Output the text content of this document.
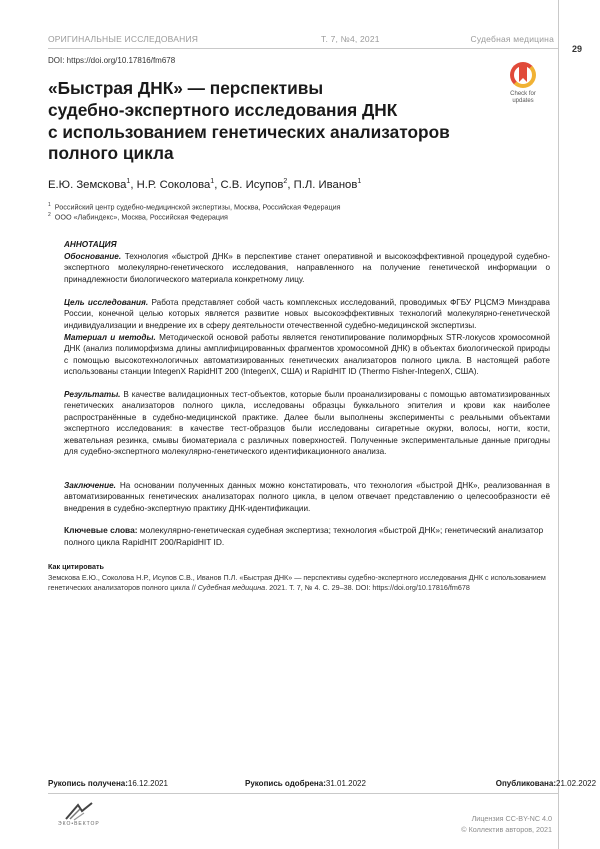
ОРИГИНАЛЬНЫЕ ИССЛЕДОВАНИЯ	Т. 7, №4, 2021	Судебная медицина
29
DOI: https://doi.org/10.17816/fm678
«Быстрая ДНК» — перспективы
судебно-экспертного исследования ДНК
с использованием генетических анализаторов
полного цикла
Check for
updates
Е.Ю. Земскова$^1$, Н.Р. Соколова$^1$, С.В. Исупов$^2$, П.Л. Иванов$^1$
$^1$ Российский центр судебно-медицинской экспертизы, Москва, Российская Федерация
$^2$ ООО «Лабиндекс», Москва, Российская Федерация
АННОТАЦИЯ
Обоснование. Технология «быстрой ДНК» в перспективе станет оперативной и высокоэффективной процедурой судебно-экспертного молекулярно-генетического исследования, направленного на получение генетической информации о принадлежности биологического материала конкретному лицу.
Цель исследования. Работа представляет собой часть комплексных исследований, проводимых ФГБУ РЦСМЭ Минздрава России, конечной целью которых является развитие новых высокоэффективных технологий молекулярно-генетической индивидуализации и внедрение их в сферу деятельности отечественной судебно-медицинской экспертизы.
Материал и методы. Методической основой работы является генотипирование полиморфных STR-локусов хромосомной ДНК (анализ полиморфизма длины амплифицированных фрагментов хромосомной ДНК) в объектах биологической природы с помощью высокотехнологичных автоматизированных генетических анализаторов полного цикла. В настоящей работе использованы станции IntegenX RapidHIT 200 (IntegenX, США) и RapidHIT ID (Thermo Fisher-IntegenX, США).
Результаты. В качестве валидационных тест-объектов, которые были проанализированы с помощью автоматизированных генетических анализаторов полного цикла, исследованы образцы буккального эпителия и крови как наиболее распространённые в судебно-медицинской практике. Далее были выполнены эксперименты с реальными объектами экспертного исследования: в качестве тест-образцов были исследованы сигаретные окурки, волосы, ногти, кости, жевательная резинка, смывы биоматериала с различных поверхностей. Полученные экспериментальные данные пригодны для судебно-экспертного молекулярно-генетического идентификационного анализа.
Заключение. На основании полученных данных можно констатировать, что технология «быстрой ДНК», реализованная в автоматизированных генетических анализаторах полного цикла, в целом отвечает представлению о целесообразности её внедрения в судебно-экспертную практику ДНК-идентификации.
Ключевые слова: молекулярно-генетическая судебная экспертиза; технология «быстрой ДНК»; генетический анализатор полного цикла RapidHIT 200/RapidHIT ID.
Как цитировать
Земскова Е.Ю., Соколова Н.Р., Исупов С.В., Иванов П.Л. «Быстрая ДНК» — перспективы судебно-экспертного исследования ДНК с использованием генетических анализаторов полного цикла // Судебная медицина. 2021. Т. 7, № 4. С. 29–38. DOI: https://doi.org/10.17816/fm678
Рукопись получена: 16.12.2021	Рукопись одобрена: 31.01.2022	Опубликована: 21.02.2022
ЭКО•ВЕКТОР
Лицензия CC-BY-NC 4.0
© Коллектив авторов, 2021
